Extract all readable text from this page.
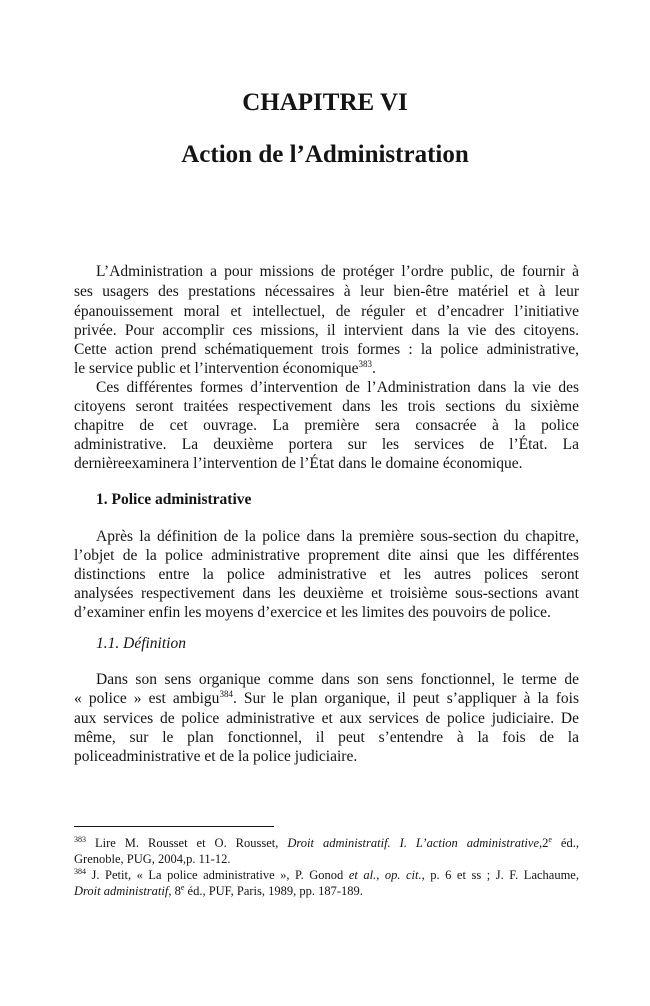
CHAPITRE VI
Action de l’Administration
L’Administration a pour missions de protéger l’ordre public, de fournir à
ses usagers des prestations nécessaires à leur bien-être matériel et à leur
épanouissement moral et intellectuel, de réguler et d’encadrer l’initiative
privée. Pour accomplir ces missions, il intervient dans la vie des citoyens.
Cette action prend schématiquement trois formes : la police administrative,
le service public et l’intervention économique$^{383}$.
Ces différentes formes d’intervention de l’Administration dans la vie des
citoyens seront traitées respectivement dans les trois sections du sixième
chapitre de cet ouvrage. La première sera consacrée à la police
administrative. La deuxième portera sur les services de l’État. La
dernièreexaminera l’intervention de l’État dans le domaine économique.
1. Police administrative
Après la définition de la police dans la première sous-section du chapitre,
l’objet de la police administrative proprement dite ainsi que les différentes
distinctions entre la police administrative et les autres polices seront
analysées respectivement dans les deuxième et troisième sous-sections avant
d’examiner enfin les moyens d’exercice et les limites des pouvoirs de police.
1.1. Définition
Dans son sens organique comme dans son sens fonctionnel, le terme de
« police » est ambigu$^{384}$. Sur le plan organique, il peut s’appliquer à la fois
aux services de police administrative et aux services de police judiciaire. De
même, sur le plan fonctionnel, il peut s’entendre à la fois de la
policeadministrative et de la police judiciaire.
$^{383}$ Lire M. Rousset et O. Rousset, Droit administratif. I. L’action administrative,2e éd.,
Grenoble, PUG, 2004,p. 11-12.
$^{384}$ J. Petit, « La police administrative », P. Gonod et al., op. cit., p. 6 et ss ; J. F. Lachaume,
Droit administratif, 8e éd., PUF, Paris, 1989, pp. 187-189.
